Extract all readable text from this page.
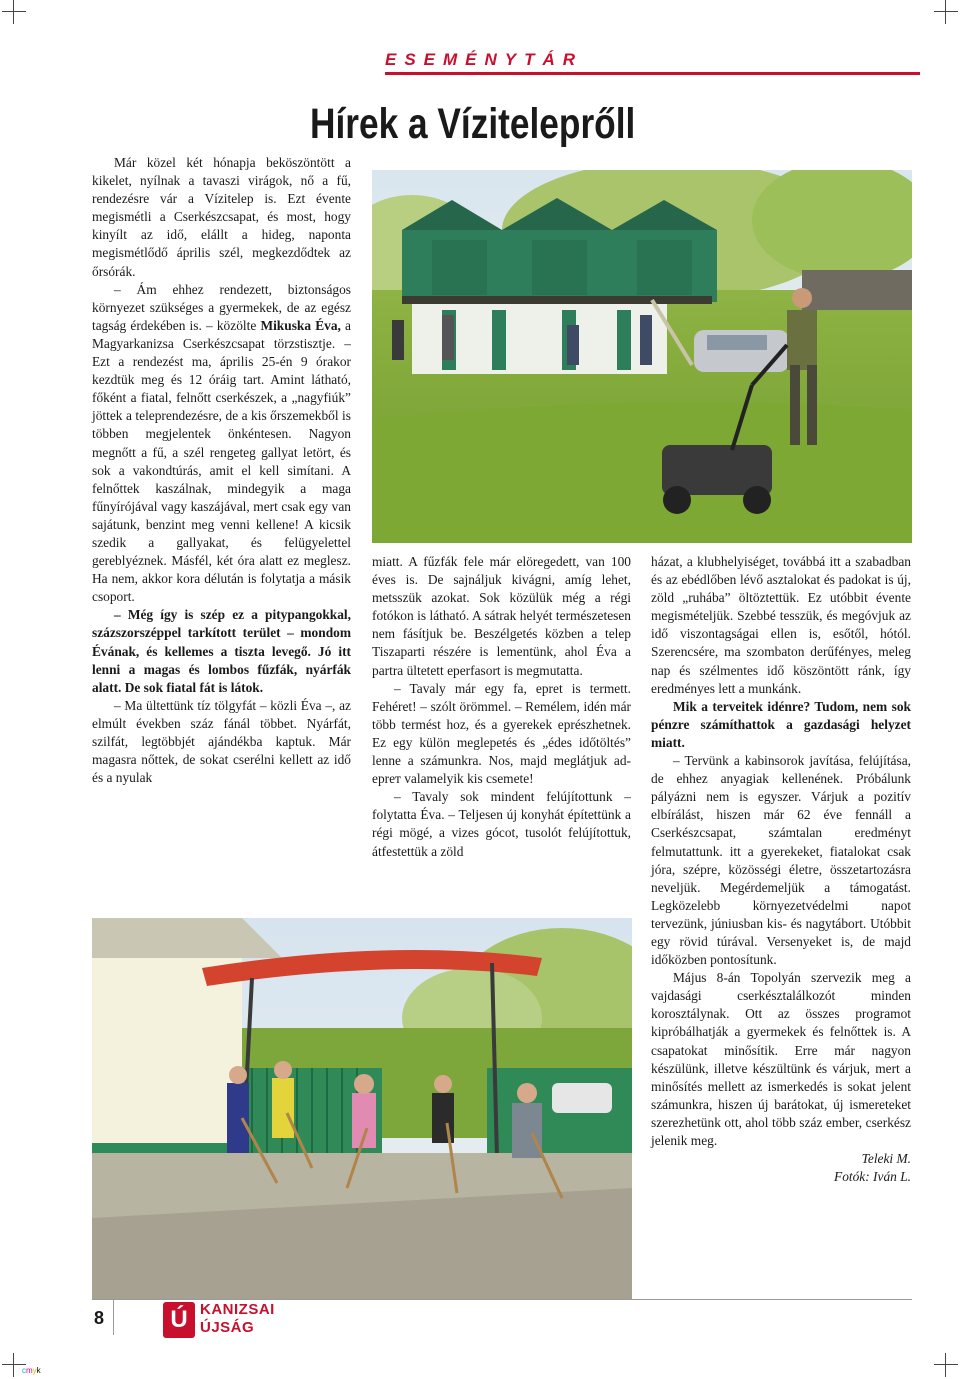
ESEMÉNYTÁR
Hírek a Víziteleprőll

Már közel két hónapja beköszöntött a kikelet, nyílnak a tavaszi virágok, nő a fű, rendezésre vár a Vízitelep is. Ezt évente megismétli a Cserkészcsapat, és most, hogy kinyílt az idő, elállt a hideg, naponta megismétlődő április szél, megkezdődtek az őrsórák.

– Ám ehhez rendezett, biztonságos környezet szükséges a gyermekek, de az egész tagság érdekében is. – közölte Mikuska Éva, a Magyarkanizsa Cserkészcsapat törzstisztje. – Ezt a rendezést ma, április 25-én 9 órakor kezdtük meg és 12 óráig tart. Amint látható, főként a fiatal, felnőtt cserkészek, a „nagyfiúk” jöttek a teleprendezésre, de a kis őrszemekből is többen megjelentek önkéntesen. Nagyon megnőtt a fű, a szél rengeteg gallyat letört, és sok a vakondtúrás, amit el kell simítani. A felnőttek kaszálnak, mindegyik a maga fűnyírójával vagy kaszájával, mert csak egy van sajátunk, benzint meg venni kellene! A kicsik szedik a gallyakat, és felügyelettel gereblyéznek. Másfél, két óra alatt ez meglesz. Ha nem, akkor kora délután is folytatja a másik csoport.

– Még így is szép ez a pitypangokkal, százszorszéppel tarkított terület – mondom Évának, és kellemes a tiszta levegő. Jó itt lenni a magas és lombos fűzfák, nyárfák alatt. De sok fiatal fát is látok.

– Ma ültettünk tíz tölgyfát – közli Éva –, az elmúlt években száz fánál többet. Nyárfát, szilfát, legtöbbjét ajándékba kaptuk. Már magasra nőttek, de sokat cserélni kellett az idő és a nyulak

miatt. A fűzfák fele már elöregedett, van 100 éves is. De sajnáljuk kivágni, amíg lehet, metsszük azokat. Sok közülük még a régi fotókon is látható. A sátrak helyét természetesen nem fásítjuk be. Beszélgetés közben a telep Tiszaparti részére is lementünk, ahol Éva a partra ültetett eperfasort is megmutatta.

– Tavaly már egy fa, epret is termett. Fehéret! – szólt örömmel. – Remélem, idén már több termést hoz, és a gyerekek eprészhetnek. Ez egy külön meglepetés és „édes időtöltés” lenne a számunkra. Nos, majd meglátjuk ad-eprет valamelyik kis csemete!

– Tavaly sok mindent felújítottunk – folytatta Éva. – Teljesen új konyhát építettünk a régi mögé, a vizes gócot, tusolót felújítottuk, átfestettük a zöld

házat, a klubhelyiséget, továbbá itt a szabadban és az ebédlőben lévő asztalokat és padokat is új, zöld „ruhába” öltöztettük. Ez utóbbit évente megismételjük. Szebbé tesszük, és megóvjuk az idő viszontagságai ellen is, esőtől, hótól. Szerencsére, ma szombaton derűfényes, meleg nap és szélmentes idő köszöntött ránk, így eredményes lett a munkánk.

Mik a terveitek idénre? Tudom, nem sok pénzre számíthattok a gazdasági helyzet miatt.

– Tervünk a kabinsorok javítása, felújítása, de ehhez anyagiak kellenének. Próbálunk pályázni nem is egyszer. Várjuk a pozitív elbírálást, hiszen már 62 éve fennáll a Cserkészcsapat, számtalan eredményt felmutattunk. itt a gyerekeket, fiatalokat csak jóra, szépre, közösségi életre, összetartozásra neveljük. Megérdemeljük a támogatást. Legközelebb környezetvédelmi napot tervezünk, júniusban kis- és nagytábort. Utóbbit egy rövid túrával. Versenyeket is, de majd időközben pontosítunk.

Május 8-án Topolyán szervezik meg a vajdasági cserkésztalálkozót minden korosztálynak. Ott az összes programot kipróbálhatják a gyermekek és felnőttek is. A csapatokat minősítik. Erre már nagyon készülünk, illetve készültünk és várjuk, mert a minősítés mellett az ismerkedés is sokat jelent számunkra, hiszen új barátokat, új ismereteket szerezhetünk ott, ahol több száz ember, cserkész jelenik meg.

Teleki M.

Fotók: Iván L.

8	Ú KANIZSAI
ÚJSÁG
cmyk
